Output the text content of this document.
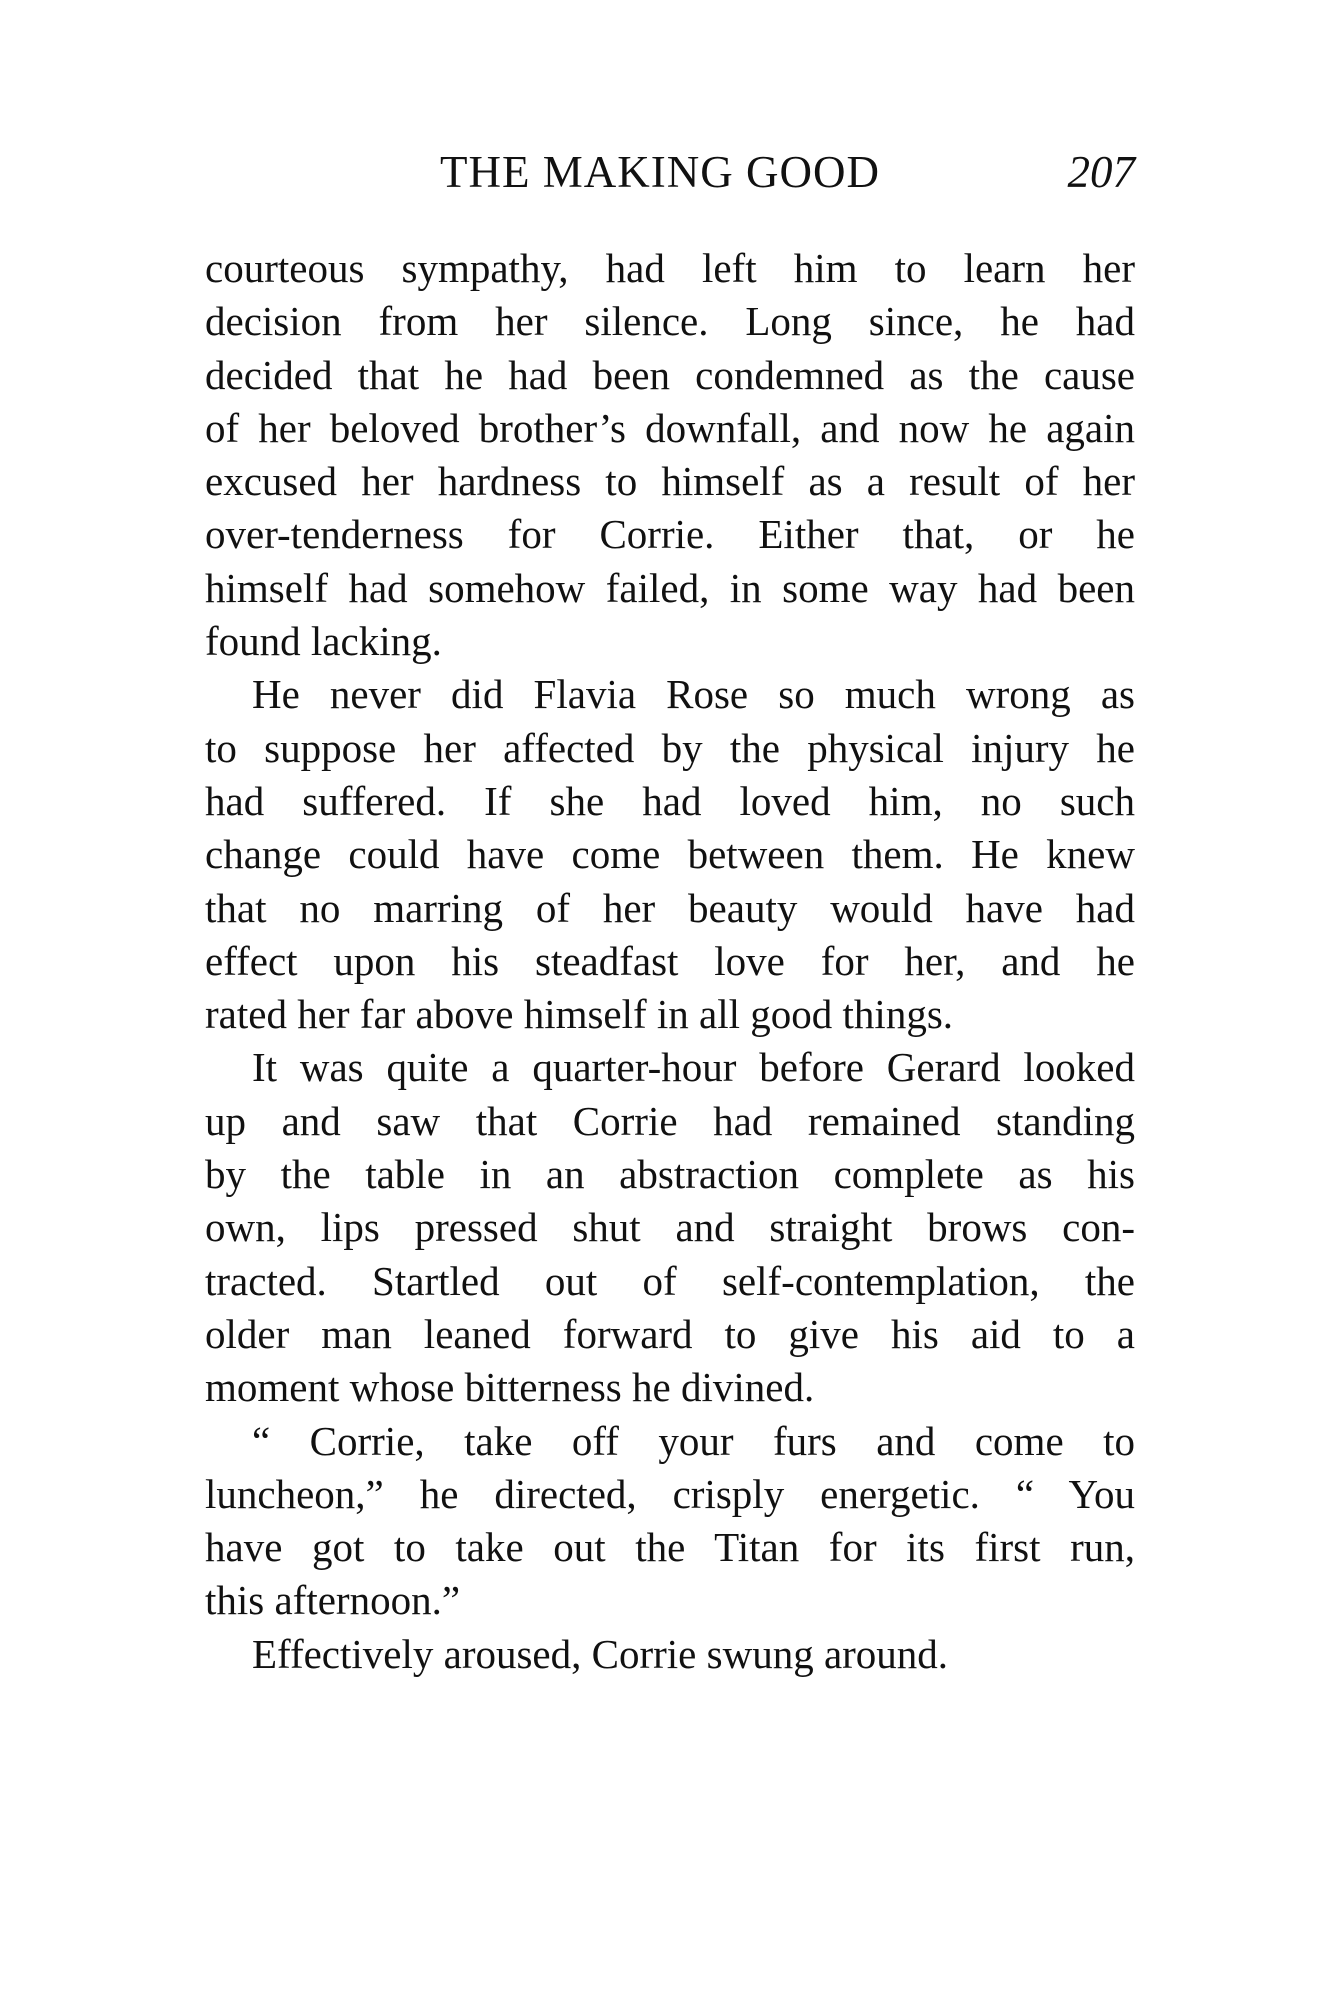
THE MAKING GOOD	207
courteous sympathy, had left him to learn her
decision from her silence. Long since, he had
decided that he had been condemned as the cause
of her beloved brother’s downfall, and now he again
excused her hardness to himself as a result of her
over-tenderness for Corrie. Either that, or he
himself had somehow failed, in some way had been
found lacking.
He never did Flavia Rose so much wrong as
to suppose her affected by the physical injury he
had suffered. If she had loved him, no such
change could have come between them. He knew
that no marring of her beauty would have had
effect upon his steadfast love for her, and he
rated her far above himself in all good things.
It was quite a quarter-hour before Gerard looked
up and saw that Corrie had remained standing
by the table in an abstraction complete as his
own, lips pressed shut and straight brows con-
tracted. Startled out of self-contemplation, the
older man leaned forward to give his aid to a
moment whose bitterness he divined.
“ Corrie, take off your furs and come to
luncheon,” he directed, crisply energetic. “ You
have got to take out the Titan for its first run,
this afternoon.”
Effectively aroused, Corrie swung around.
